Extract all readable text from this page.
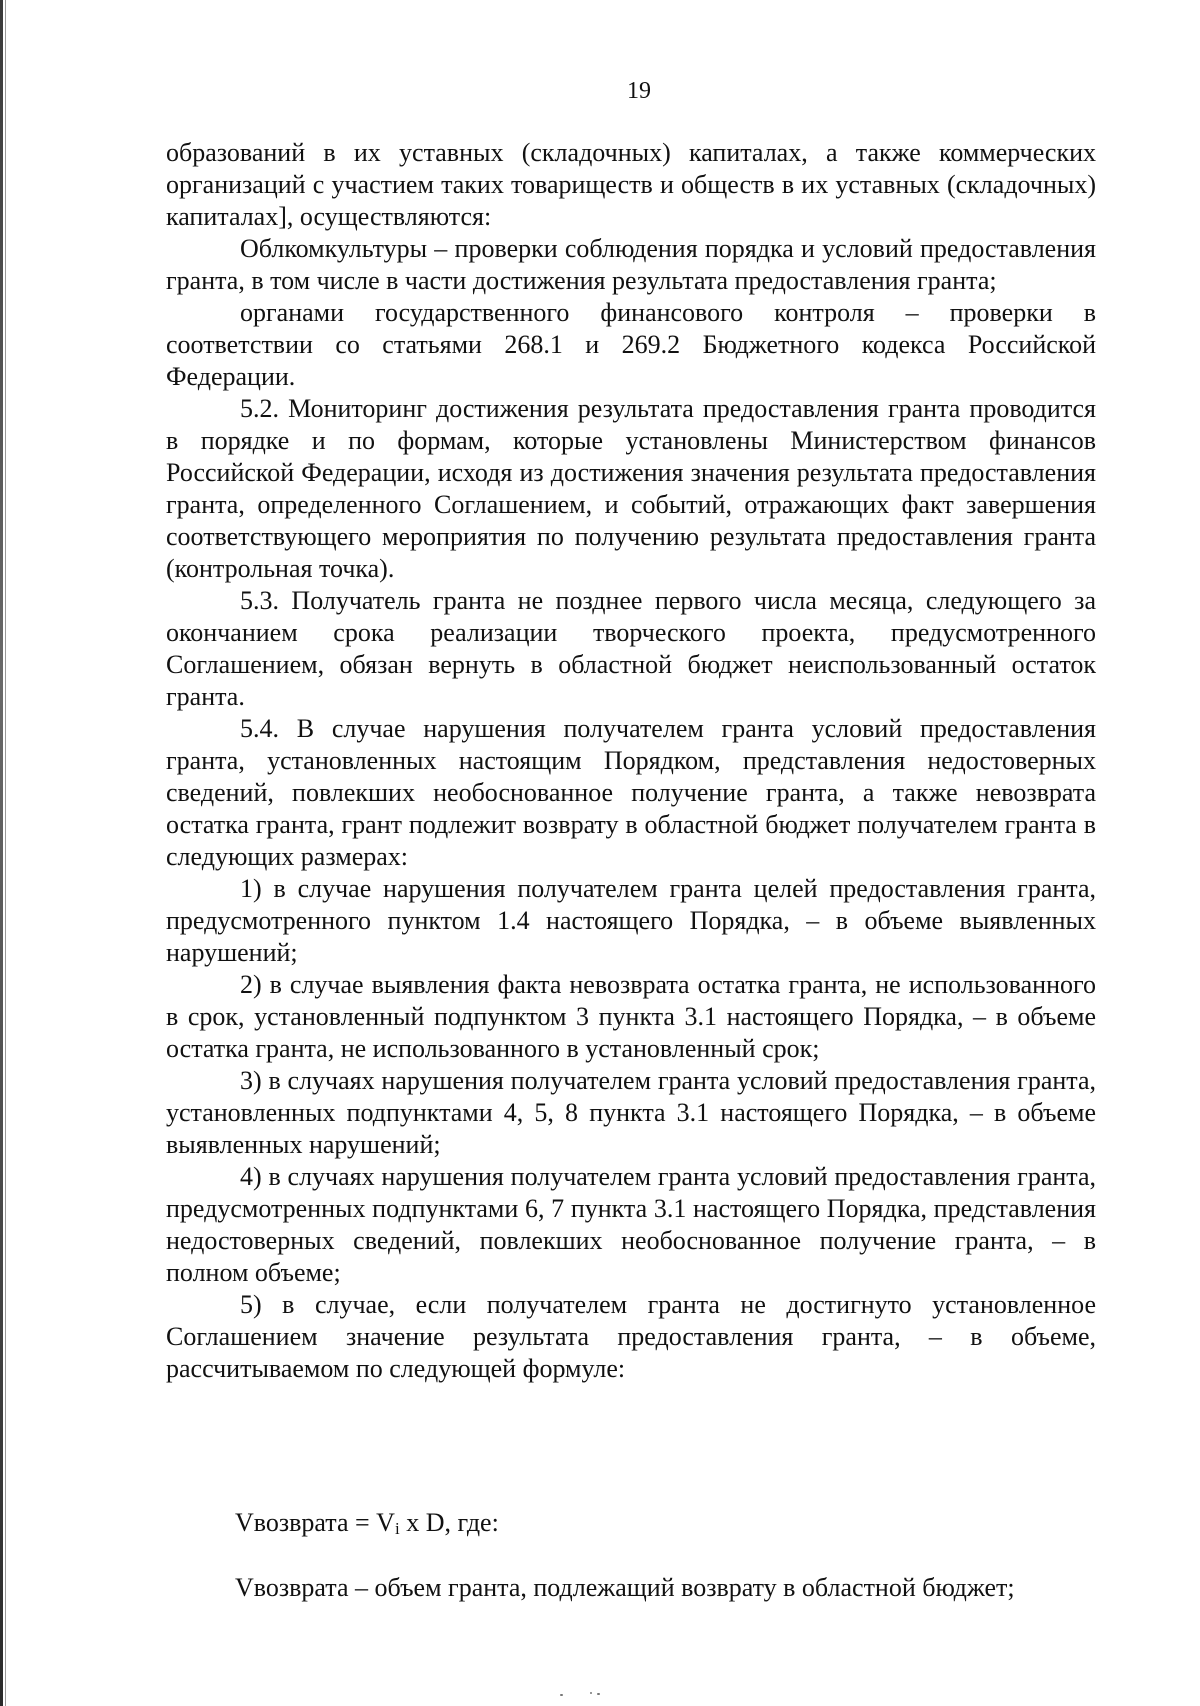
19

образований в их уставных (складочных) капиталах, а также коммерческих организаций с участием таких товариществ и обществ в их уставных (складочных) капиталах], осуществляются:

Облкомкультуры – проверки соблюдения порядка и условий предоставления гранта, в том числе в части достижения результата предоставления гранта;

органами государственного финансового контроля – проверки в соответствии со статьями 268.1 и 269.2 Бюджетного кодекса Российской Федерации.

5.2. Мониторинг достижения результата предоставления гранта проводится в порядке и по формам, которые установлены Министерством финансов Российской Федерации, исходя из достижения значения результата предоставления гранта, определенного Соглашением, и событий, отражающих факт завершения соответствующего мероприятия по получению результата предоставления гранта (контрольная точка).

5.3. Получатель гранта не позднее первого числа месяца, следующего за окончанием срока реализации творческого проекта, предусмотренного Соглашением, обязан вернуть в областной бюджет неиспользованный остаток гранта.

5.4. В случае нарушения получателем гранта условий предоставления гранта, установленных настоящим Порядком, представления недостоверных сведений, повлекших необоснованное получение гранта, а также невозврата остатка гранта, грант подлежит возврату в областной бюджет получателем гранта в следующих размерах:

1) в случае нарушения получателем гранта целей предоставления гранта, предусмотренного пунктом 1.4 настоящего Порядка, – в объеме выявленных нарушений;

2) в случае выявления факта невозврата остатка гранта, не использованного в срок, установленный подпунктом 3 пункта 3.1 настоящего Порядка, – в объеме остатка гранта, не использованного в установленный срок;

3) в случаях нарушения получателем гранта условий предоставления гранта, установленных подпунктами 4, 5, 8 пункта 3.1 настоящего Порядка, – в объеме выявленных нарушений;

4) в случаях нарушения получателем гранта условий предоставления гранта, предусмотренных подпунктами 6, 7 пункта 3.1 настоящего Порядка, представления недостоверных сведений, повлекших необоснованное получение гранта, – в полном объеме;

5) в случае, если получателем гранта не достигнуто установленное Соглашением значение результата предоставления гранта, – в объеме, рассчитываемом по следующей формуле:

Vвозврата = $V_i$ x D, где:
Vвозврата – объем гранта, подлежащий возврату в областной бюджет;
